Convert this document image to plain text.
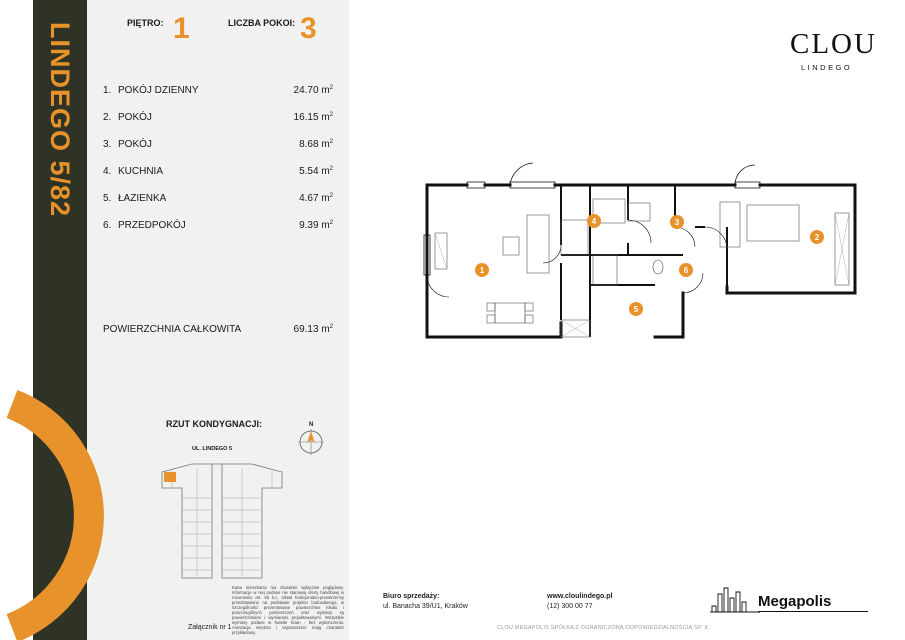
LINDEGO 5/82	PIĘTRO: 1	LICZBA POKOI: 3
1. POKÓJ DZIENNY	24.70 $m^2$
2. POKÓJ	16.15 $m^2$
3. POKÓJ	8.68 $m^2$
4. KUCHNIA	5.54 $m^2$
5. ŁAZIENKA	4.67 $m^2$
6. PRZEDPOKÓJ	9.39 $m^2$
POWIERZCHNIA CAŁKOWITA	69.13 $m^2$
RZUT KONDYGNACJI:
UL. LINDEGO 5
N
Karta mieszkania ma charakter wyłącznie poglądowy. Informacje w niej podane nie stanowią oferty handlowej w rozumieniu art. 66 k.c. Układ funkcjonalno-przestrzenny przedstawiono na podstawie projektu budowlanego, w szczególności prezentowane powierzchnie lokalu i poszczególnych pomieszczeń oraz wymiary są powierzchniami i wymiarami projektowanymi. Wszystkie wymiary podane w świetle ścian - bez wykończenia. Aranżacja wnętrza i wyposażenie mają charakter przykładowy.
Załącznik nr 1
Biuro sprzedaży:
ul. Banacha 39/U1, Kraków
www.cloulindego.pl
(12) 300 00 77
CLOU
LINDEGO
Megapolis
CLOU MEGAPOLIS SPÓŁKA Z OGRANICZONĄ ODPOWIEDZIALNOŚCIĄ SP. K.
1
2
3
4
5
6
